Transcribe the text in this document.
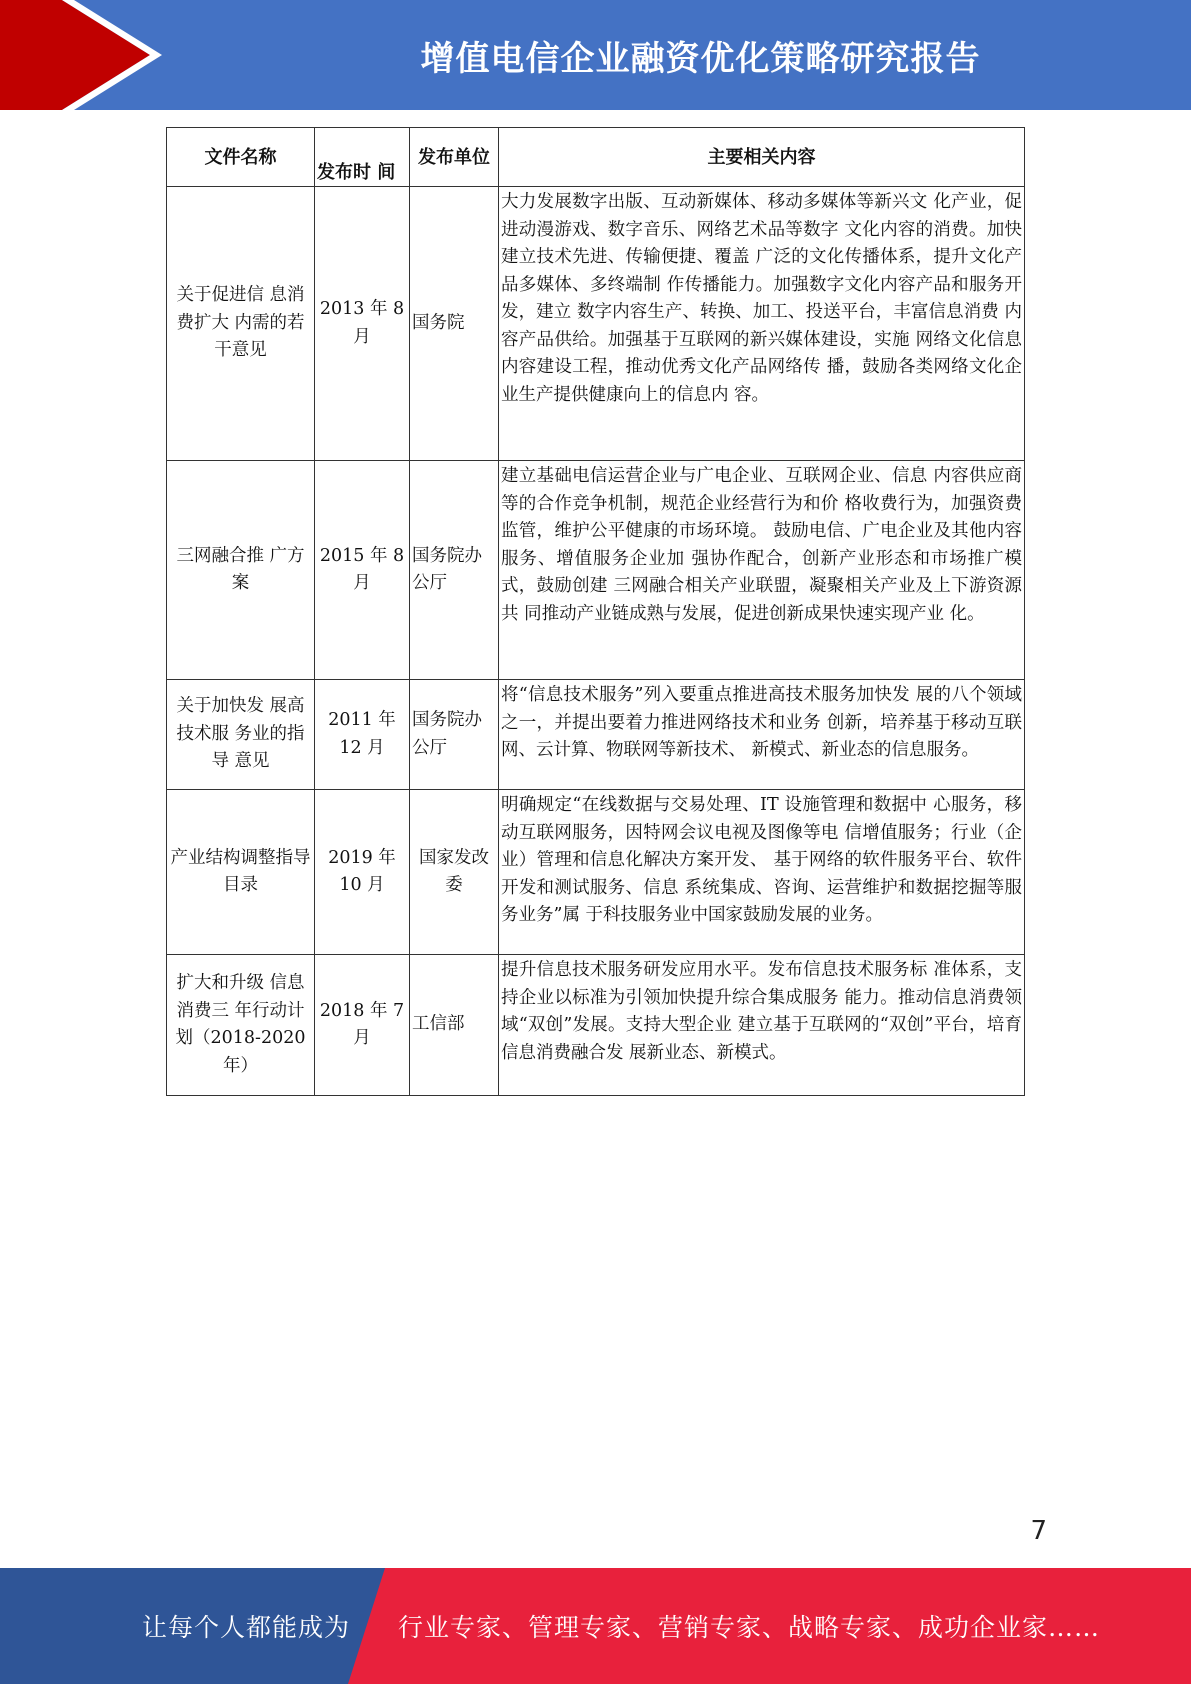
增值电信企业融资优化策略研究报告
文件名称	发布时 间	发布单位	主要相关内容
关于促进信 息消费扩大 内需的若干意见	2013 年 8 月	国务院	大力发展数字出版、互动新媒体、移动多媒体等新兴文 化产业，促进动漫游戏、数字音乐、网络艺术品等数字 文化内容的消费。加快建立技术先进、传输便捷、覆盖 广泛的文化传播体系，提升文化产品多媒体、多终端制 作传播能力。加强数字文化内容产品和服务开发，建立 数字内容生产、转换、加工、投送平台，丰富信息消费 内容产品供给。加强基于互联网的新兴媒体建设，实施 网络文化信息内容建设工程，推动优秀文化产品网络传 播，鼓励各类网络文化企业生产提供健康向上的信息内 容。
三网融合推 广方案	2015 年 8 月	国务院办公厅	建立基础电信运营企业与广电企业、互联网企业、信息 内容供应商等的合作竞争机制，规范企业经营行为和价 格收费行为，加强资费监管，维护公平健康的市场环境。 鼓励电信、广电企业及其他内容服务、增值服务企业加 强协作配合，创新产业形态和市场推广模式，鼓励创建 三网融合相关产业联盟，凝聚相关产业及上下游资源共 同推动产业链成熟与发展，促进创新成果快速实现产业 化。
关于加快发 展高技术服 务业的指导 意见	2011 年 12 月	国务院办公厅	将“信息技术服务”列入要重点推进高技术服务加快发 展的八个领域之一，并提出要着力推进网络技术和业务 创新，培养基于移动互联网、云计算、物联网等新技术、 新模式、新业态的信息服务。
产业结构调整指导目录	2019 年 10 月	国家发改委	明确规定“在线数据与交易处理、IT 设施管理和数据中 心服务，移动互联网服务，因特网会议电视及图像等电 信增值服务；行业（企业）管理和信息化解决方案开发、 基于网络的软件服务平台、软件开发和测试服务、信息 系统集成、咨询、运营维护和数据挖掘等服务业务”属 于科技服务业中国家鼓励发展的业务。
扩大和升级 信息消费三 年行动计划（2018-2020 年）	2018 年 7 月	工信部	提升信息技术服务研发应用水平。发布信息技术服务标 准体系，支持企业以标准为引领加快提升综合集成服务 能力。推动信息消费领域“双创”发展。支持大型企业 建立基于互联网的“双创”平台，培育信息消费融合发 展新业态、新模式。
7
让每个人都能成为 行业专家、管理专家、营销专家、战略专家、成功企业家……
